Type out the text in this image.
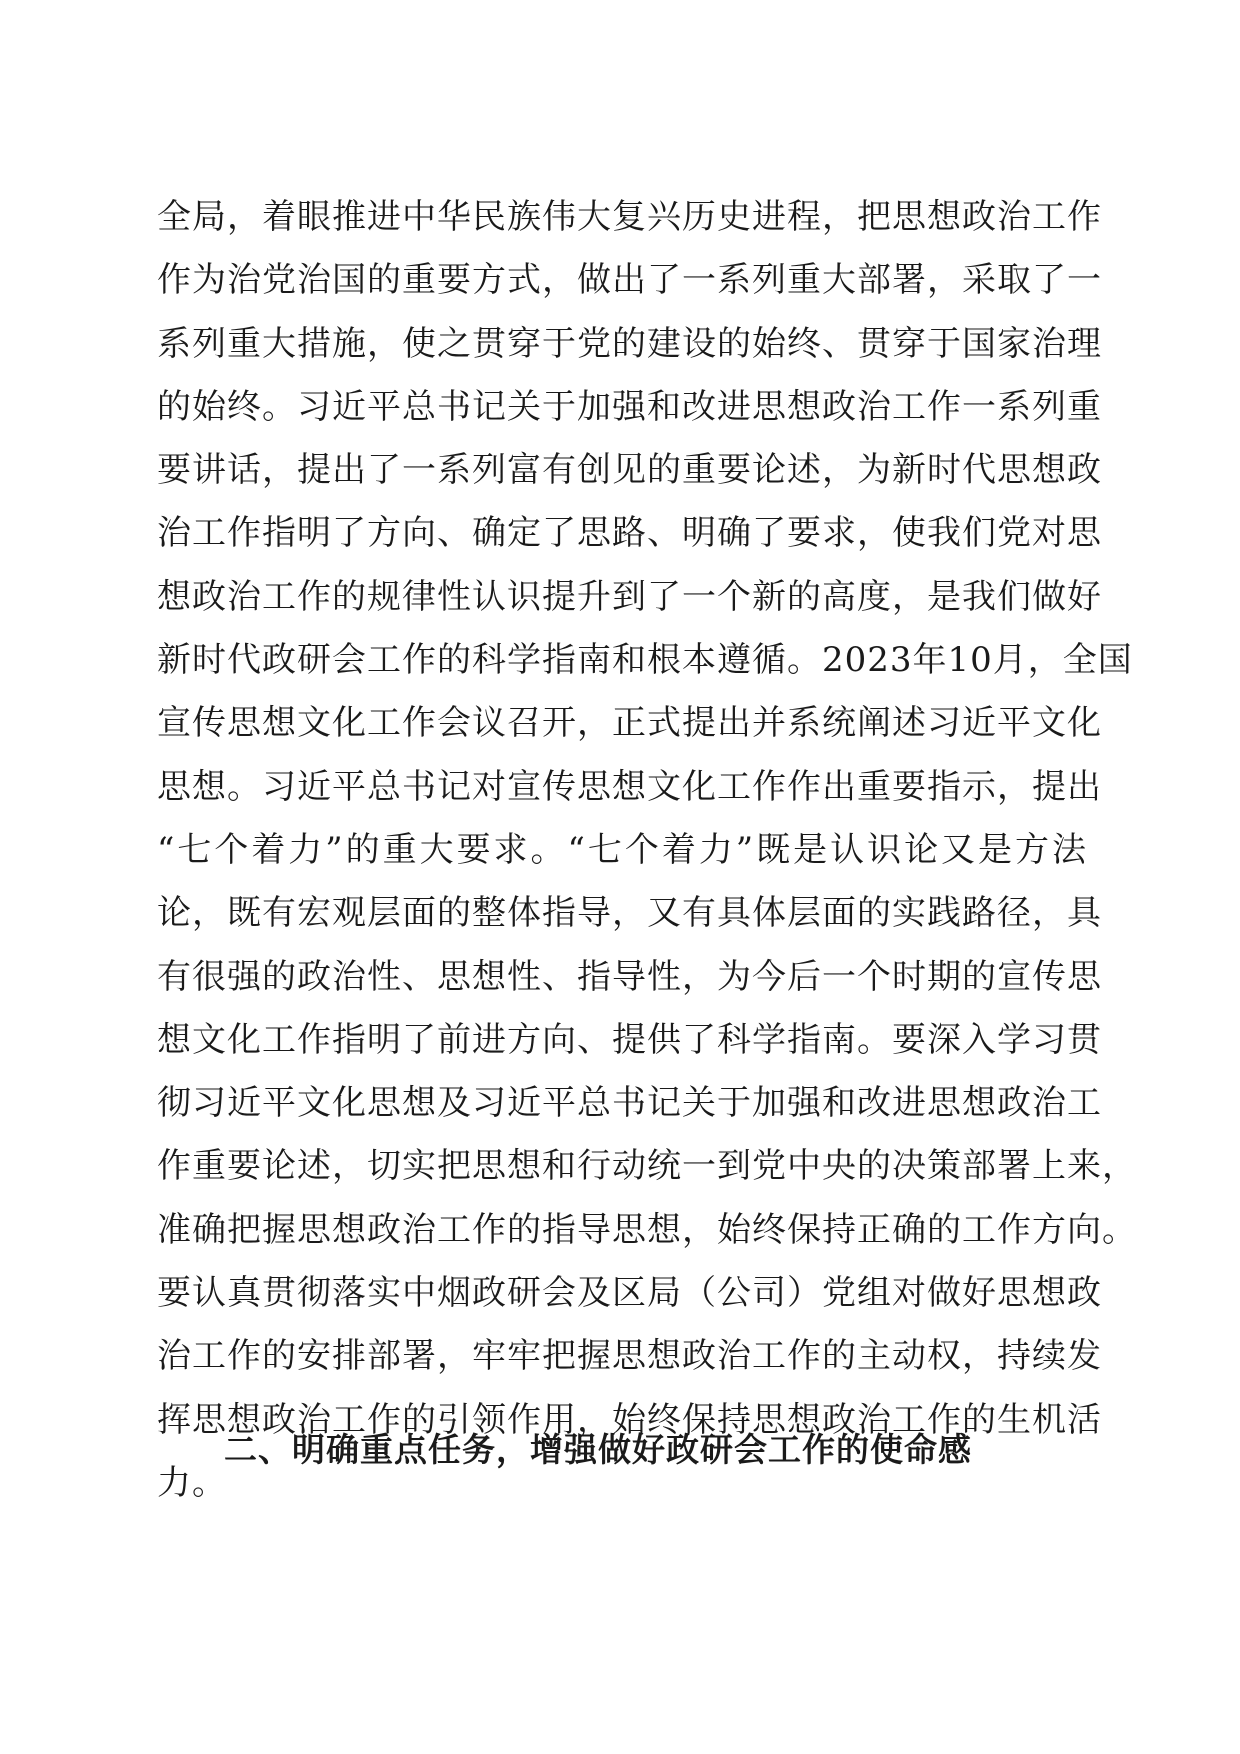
全局，着眼推进中华民族伟大复兴历史进程，把思想政治工作
作为治党治国的重要方式，做出了一系列重大部署，采取了一
系列重大措施，使之贯穿于党的建设的始终、贯穿于国家治理
的始终。习近平总书记关于加强和改进思想政治工作一系列重
要讲话，提出了一系列富有创见的重要论述，为新时代思想政
治工作指明了方向、确定了思路、明确了要求，使我们党对思
想政治工作的规律性认识提升到了一个新的高度，是我们做好
新时代政研会工作的科学指南和根本遵循。2023年10月，全国
宣传思想文化工作会议召开，正式提出并系统阐述习近平文化
思想。习近平总书记对宣传思想文化工作作出重要指示，提出
“七个着力”的重大要求。“七个着力”既是认识论又是方法
论，既有宏观层面的整体指导，又有具体层面的实践路径，具
有很强的政治性、思想性、指导性，为今后一个时期的宣传思
想文化工作指明了前进方向、提供了科学指南。要深入学习贯
彻习近平文化思想及习近平总书记关于加强和改进思想政治工
作重要论述，切实把思想和行动统一到党中央的决策部署上来，
准确把握思想政治工作的指导思想，始终保持正确的工作方向。
要认真贯彻落实中烟政研会及区局（公司）党组对做好思想政
治工作的安排部署，牢牢把握思想政治工作的主动权，持续发
挥思想政治工作的引领作用，始终保持思想政治工作的生机活
力。
二、明确重点任务，增强做好政研会工作的使命感
